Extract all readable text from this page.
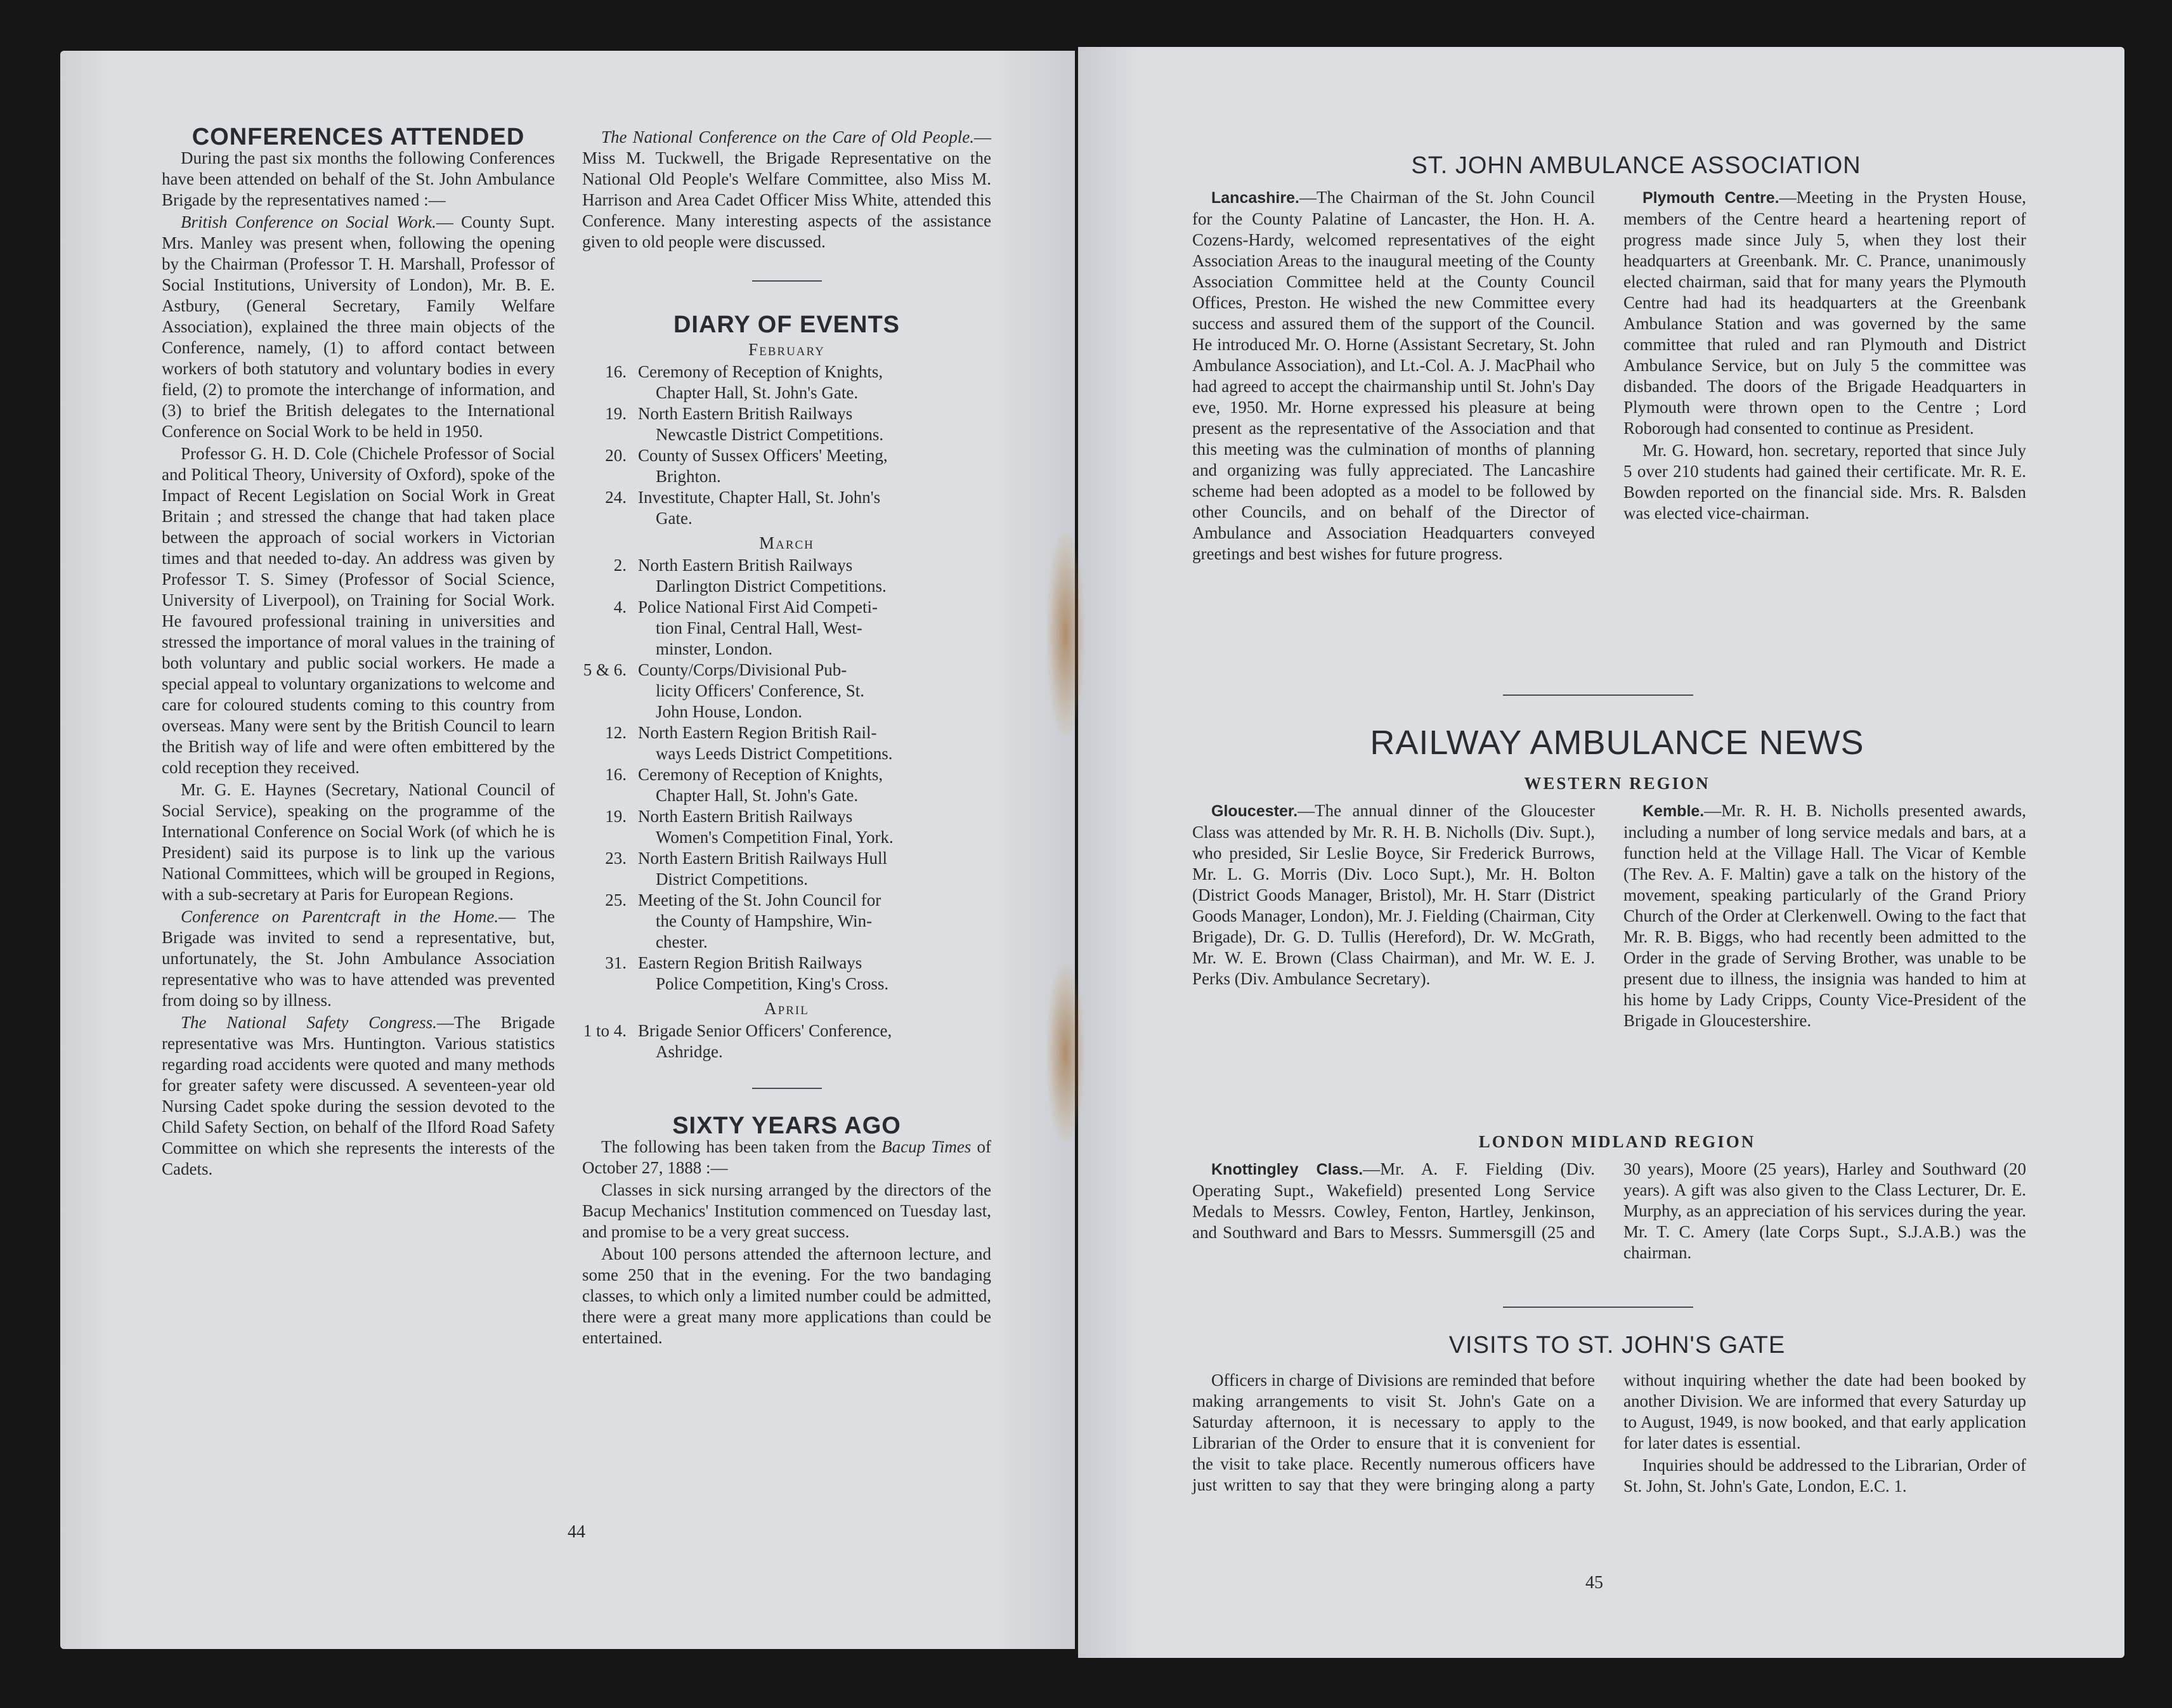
CONFERENCES ATTENDED

During the past six months the following Conferences have been attended on behalf of the St. John Ambulance Brigade by the representatives named :—

British Conference on Social Work.— County Supt. Mrs. Manley was present when, following the opening by the Chairman (Professor T. H. Marshall, Professor of Social Institutions, University of London), Mr. B. E. Astbury, (General Secretary, Family Welfare Association), explained the three main objects of the Conference, namely, (1) to afford contact between workers of both statutory and voluntary bodies in every field, (2) to promote the interchange of information, and (3) to brief the British delegates to the International Conference on Social Work to be held in 1950.

Professor G. H. D. Cole (Chichele Professor of Social and Political Theory, University of Oxford), spoke of the Impact of Recent Legislation on Social Work in Great Britain ; and stressed the change that had taken place between the approach of social workers in Victorian times and that needed to-day. An address was given by Professor T. S. Simey (Professor of Social Science, University of Liverpool), on Training for Social Work. He favoured professional training in universities and stressed the importance of moral values in the training of both voluntary and public social workers. He made a special appeal to voluntary organizations to welcome and care for coloured students coming to this country from overseas. Many were sent by the British Council to learn the British way of life and were often embittered by the cold reception they received.

Mr. G. E. Haynes (Secretary, National Council of Social Service), speaking on the programme of the International Conference on Social Work (of which he is President) said its purpose is to link up the various National Committees, which will be grouped in Regions, with a sub-secretary at Paris for European Regions.

Conference on Parentcraft in the Home.— The Brigade was invited to send a representative, but, unfortunately, the St. John Ambulance Association representative who was to have attended was prevented from doing so by illness.

The National Safety Congress.—The Brigade representative was Mrs. Huntington. Various statistics regarding road accidents were quoted and many methods for greater safety were discussed. A seventeen-year old Nursing Cadet spoke during the session devoted to the Child Safety Section, on behalf of the Ilford Road Safety Committee on which she represents the interests of the Cadets.

The National Conference on the Care of Old People.—Miss M. Tuckwell, the Brigade Representative on the National Old People's Welfare Committee, also Miss M. Harrison and Area Cadet Officer Miss White, attended this Conference. Many interesting aspects of the assistance given to old people were discussed.

DIARY OF EVENTS
February
16. Ceremony of Reception of Knights,
Chapter Hall, St. John's Gate.
19. North Eastern British Railways
Newcastle District Competitions.
20. County of Sussex Officers' Meeting,
Brighton.
24. Investitute, Chapter Hall, St. John's
Gate.
March
2. North Eastern British Railways
Darlington District Competitions.
4. Police National First Aid Competi-
tion Final, Central Hall, West-
minster, London.
5 & 6. County/Corps/Divisional Pub-
licity Officers' Conference, St.
John House, London.
12. North Eastern Region British Rail-
ways Leeds District Competitions.
16. Ceremony of Reception of Knights,
Chapter Hall, St. John's Gate.
19. North Eastern British Railways
Women's Competition Final, York.
23. North Eastern British Railways Hull
District Competitions.
25. Meeting of the St. John Council for
the County of Hampshire, Win-
chester.
31. Eastern Region British Railways
Police Competition, King's Cross.
April
1 to 4. Brigade Senior Officers' Conference,
Ashridge.
SIXTY YEARS AGO

The following has been taken from the Bacup Times of October 27, 1888 :—

Classes in sick nursing arranged by the directors of the Bacup Mechanics' Institution commenced on Tuesday last, and promise to be a very great success.

About 100 persons attended the afternoon lecture, and some 250 that in the evening. For the two bandaging classes, to which only a limited number could be admitted, there were a great many more applications than could be entertained.

44
ST. JOHN AMBULANCE ASSOCIATION

Lancashire.—The Chairman of the St. John Council for the County Palatine of Lancaster, the Hon. H. A. Cozens-Hardy, welcomed representatives of the eight Association Areas to the inaugural meeting of the County Association Committee held at the County Council Offices, Preston. He wished the new Committee every success and assured them of the support of the Council. He introduced Mr. O. Horne (Assistant Secretary, St. John Ambulance Association), and Lt.-Col. A. J. MacPhail who had agreed to accept the chairmanship until St. John's Day eve, 1950. Mr. Horne expressed his pleasure at being present as the representative of the Association and that this meeting was the culmination of months of planning and organizing was fully appreciated. The Lancashire scheme had been adopted as a model to be followed by other Councils, and on behalf of the Director of Ambulance and Association Headquarters conveyed greetings and best wishes for future progress.

Plymouth Centre.—Meeting in the Prysten House, members of the Centre heard a heartening report of progress made since July 5, when they lost their headquarters at Greenbank. Mr. C. Prance, unanimously elected chairman, said that for many years the Plymouth Centre had had its headquarters at the Greenbank Ambulance Station and was governed by the same committee that ruled and ran Plymouth and District Ambulance Service, but on July 5 the committee was disbanded. The doors of the Brigade Headquarters in Plymouth were thrown open to the Centre ; Lord Roborough had consented to continue as President.

Mr. G. Howard, hon. secretary, reported that since July 5 over 210 students had gained their certificate. Mr. R. E. Bowden reported on the financial side. Mrs. R. Balsden was elected vice-chairman.

RAILWAY AMBULANCE NEWS
WESTERN REGION

Gloucester.—The annual dinner of the Gloucester Class was attended by Mr. R. H. B. Nicholls (Div. Supt.), who presided, Sir Leslie Boyce, Sir Frederick Burrows, Mr. L. G. Morris (Div. Loco Supt.), Mr. H. Bolton (District Goods Manager, Bristol), Mr. H. Starr (District Goods Manager, London), Mr. J. Fielding (Chairman, City Brigade), Dr. G. D. Tullis (Hereford), Dr. W. McGrath, Mr. W. E. Brown (Class Chairman), and Mr. W. E. J. Perks (Div. Ambulance Secretary).

Kemble.—Mr. R. H. B. Nicholls presented awards, including a number of long service medals and bars, at a function held at the Village Hall. The Vicar of Kemble (The Rev. A. F. Maltin) gave a talk on the history of the movement, speaking particularly of the Grand Priory Church of the Order at Clerkenwell. Owing to the fact that Mr. R. B. Biggs, who had recently been admitted to the Order in the grade of Serving Brother, was unable to be present due to illness, the insignia was handed to him at his home by Lady Cripps, County Vice-President of the Brigade in Gloucestershire.

LONDON MIDLAND REGION

Knottingley Class.—Mr. A. F. Fielding (Div. Operating Supt., Wakefield) presented Long Service Medals to Messrs. Cowley, Fenton, Hartley, Jenkinson, and Southward and Bars to Messrs. Summersgill (25 and 30 years), Moore (25 years), Harley and Southward (20 years). A gift was also given to the Class Lecturer, Dr. E. Murphy, as an appreciation of his services during the year. Mr. T. C. Amery (late Corps Supt., S.J.A.B.) was the chairman.

VISITS TO ST. JOHN'S GATE

Officers in charge of Divisions are reminded that before making arrangements to visit St. John's Gate on a Saturday afternoon, it is necessary to apply to the Librarian of the Order to ensure that it is convenient for the visit to take place. Recently numerous officers have just written to say that they were bringing along a party without inquiring whether the date had been booked by another Division. We are informed that every Saturday up to August, 1949, is now booked, and that early application for later dates is essential.

Inquiries should be addressed to the Librarian, Order of St. John, St. John's Gate, London, E.C. 1.

45
